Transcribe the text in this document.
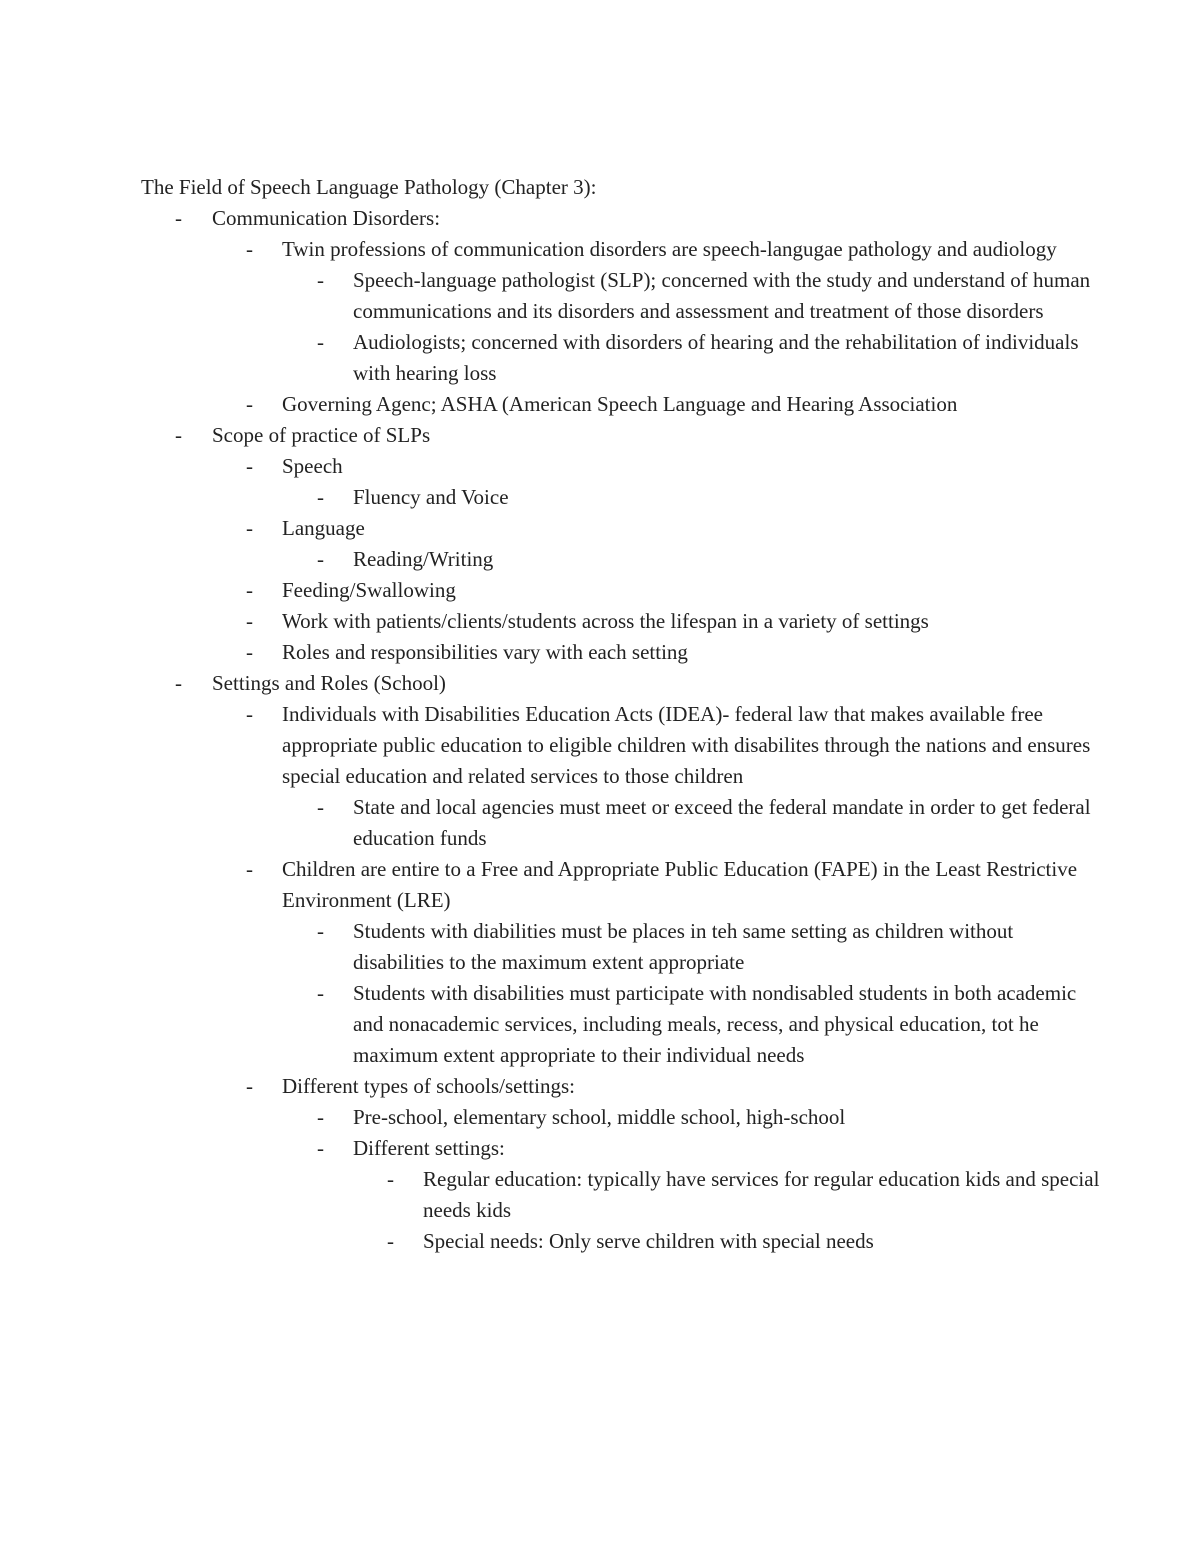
The Field of Speech Language Pathology (Chapter 3):
-	Communication Disorders:
-	Twin professions of communication disorders are speech-langugae pathology and audiology
-	Speech-language pathologist (SLP); concerned with the study and understand of human communications and its disorders and assessment and treatment of those disorders
-	Audiologists; concerned with disorders of hearing and the rehabilitation of individuals with hearing loss
-	Governing Agenc; ASHA (American Speech Language and Hearing Association
-	Scope of practice of SLPs
-	Speech
-	Fluency and Voice
-	Language
-	Reading/Writing
-	Feeding/Swallowing
-	Work with patients/clients/students across the lifespan in a variety of settings
-	Roles and responsibilities vary with each setting
-	Settings and Roles (School)
-	Individuals with Disabilities Education Acts (IDEA)- federal law that makes available free appropriate public education to eligible children with disabilites through the nations and ensures special education and related services to those children
-	State and local agencies must meet or exceed the federal mandate in order to get federal education funds
-	Children are entire to a Free and Appropriate Public Education (FAPE) in the Least Restrictive Environment (LRE)
-	Students with diabilities must be places in teh same setting as children without disabilities to the maximum extent appropriate
-	Students with disabilities must participate with nondisabled students in both academic and nonacademic services, including meals, recess, and physical education, tot he maximum extent appropriate to their individual needs
-	Different types of schools/settings:
-	Pre-school, elementary school, middle school, high-school
-	Different settings:
-	Regular education: typically have services for regular education kids and special needs kids
-	Special needs: Only serve children with special needs
